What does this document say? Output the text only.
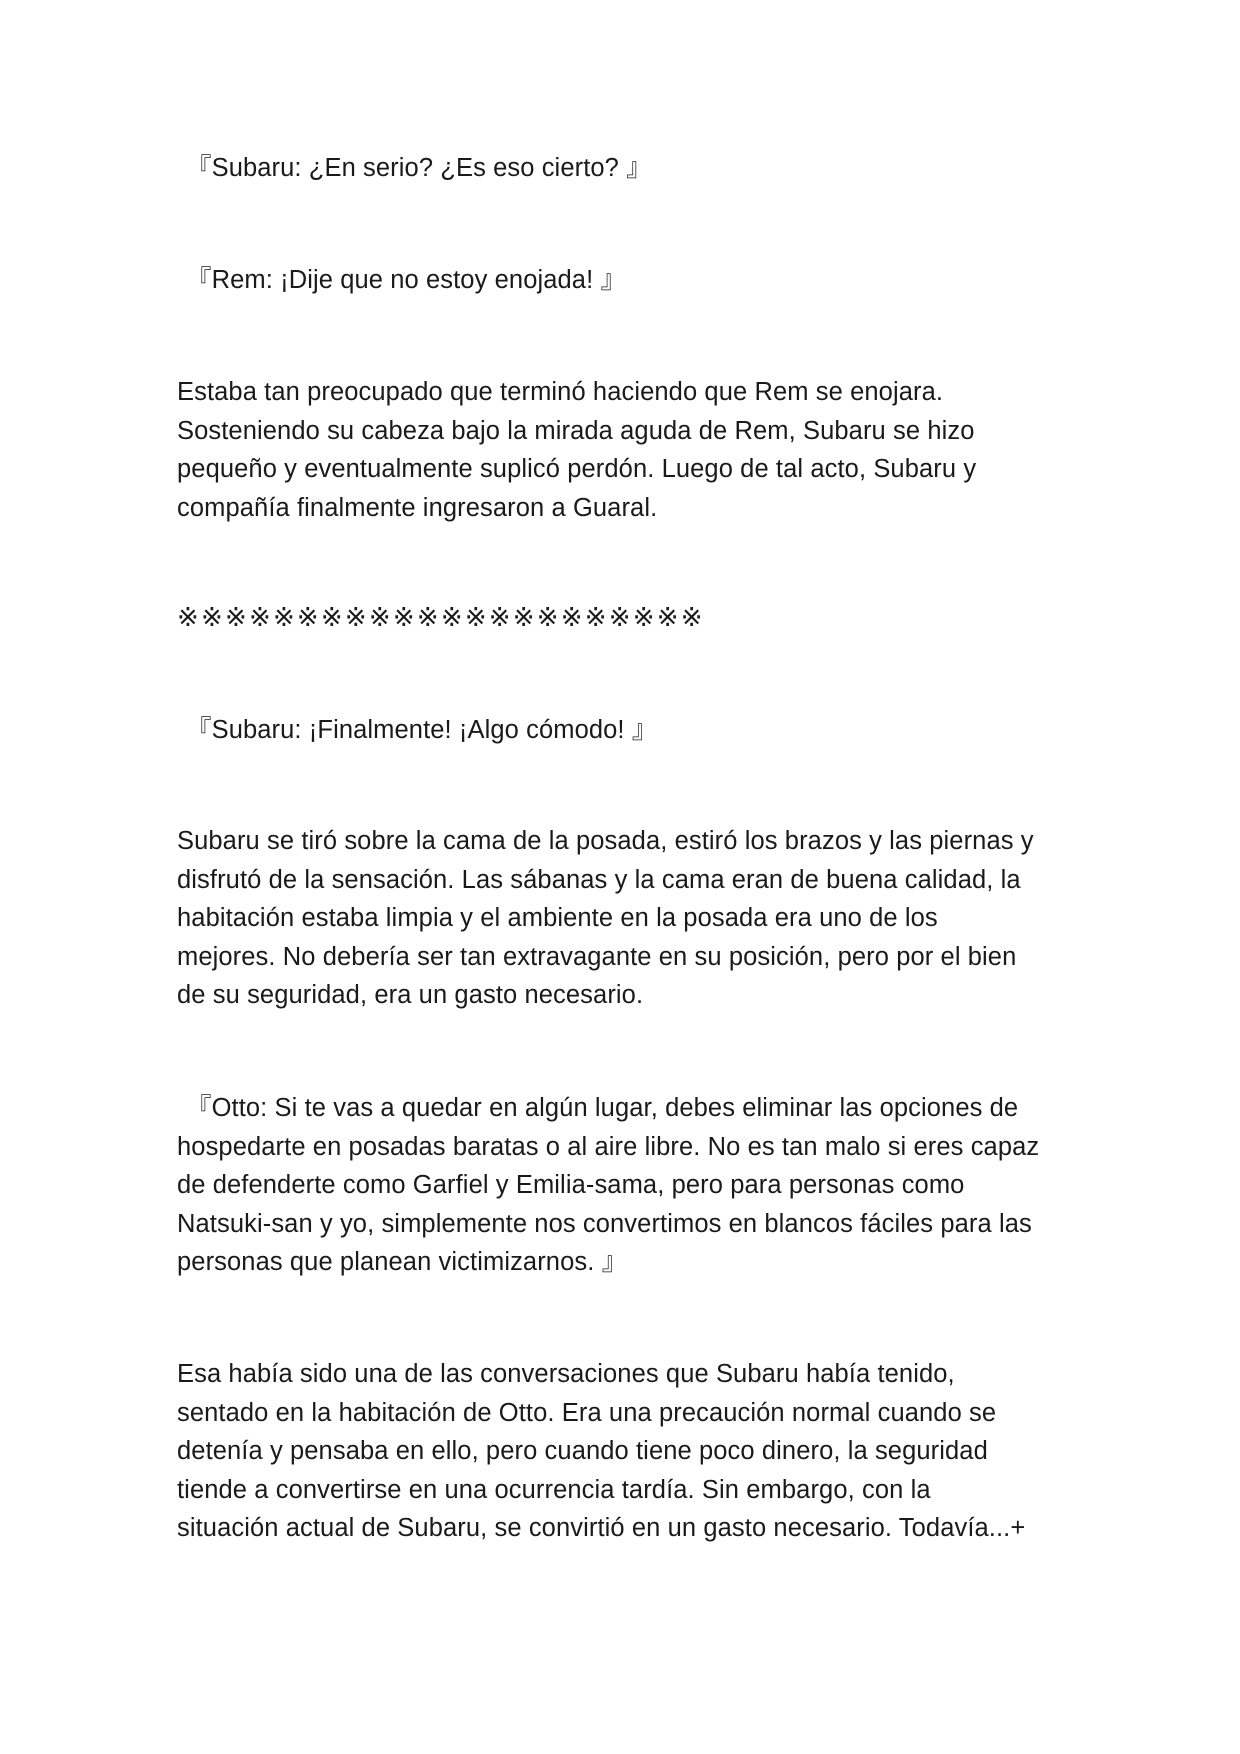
『Subaru: ¿En serio? ¿Es eso cierto? 』
『Rem: ¡Dije que no estoy enojada! 』
Estaba tan preocupado que terminó haciendo que Rem se enojara.
Sosteniendo su cabeza bajo la mirada aguda de Rem, Subaru se hizo
pequeño y eventualmente suplicó perdón. Luego de tal acto, Subaru y
compañía finalmente ingresaron a Guaral.
※※※※※※※※※※※※※※※※※※※※※※
『Subaru: ¡Finalmente! ¡Algo cómodo! 』
Subaru se tiró sobre la cama de la posada, estiró los brazos y las piernas y
disfrutó de la sensación. Las sábanas y la cama eran de buena calidad, la
habitación estaba limpia y el ambiente en la posada era uno de los
mejores. No debería ser tan extravagante en su posición, pero por el bien
de su seguridad, era un gasto necesario.
『Otto: Si te vas a quedar en algún lugar, debes eliminar las opciones de
hospedarte en posadas baratas o al aire libre. No es tan malo si eres capaz
de defenderte como Garfiel y Emilia-sama, pero para personas como
Natsuki-san y yo, simplemente nos convertimos en blancos fáciles para las
personas que planean victimizarnos. 』
Esa había sido una de las conversaciones que Subaru había tenido,
sentado en la habitación de Otto. Era una precaución normal cuando se
detenía y pensaba en ello, pero cuando tiene poco dinero, la seguridad
tiende a convertirse en una ocurrencia tardía. Sin embargo, con la
situación actual de Subaru, se convirtió en un gasto necesario. Todavía...+
